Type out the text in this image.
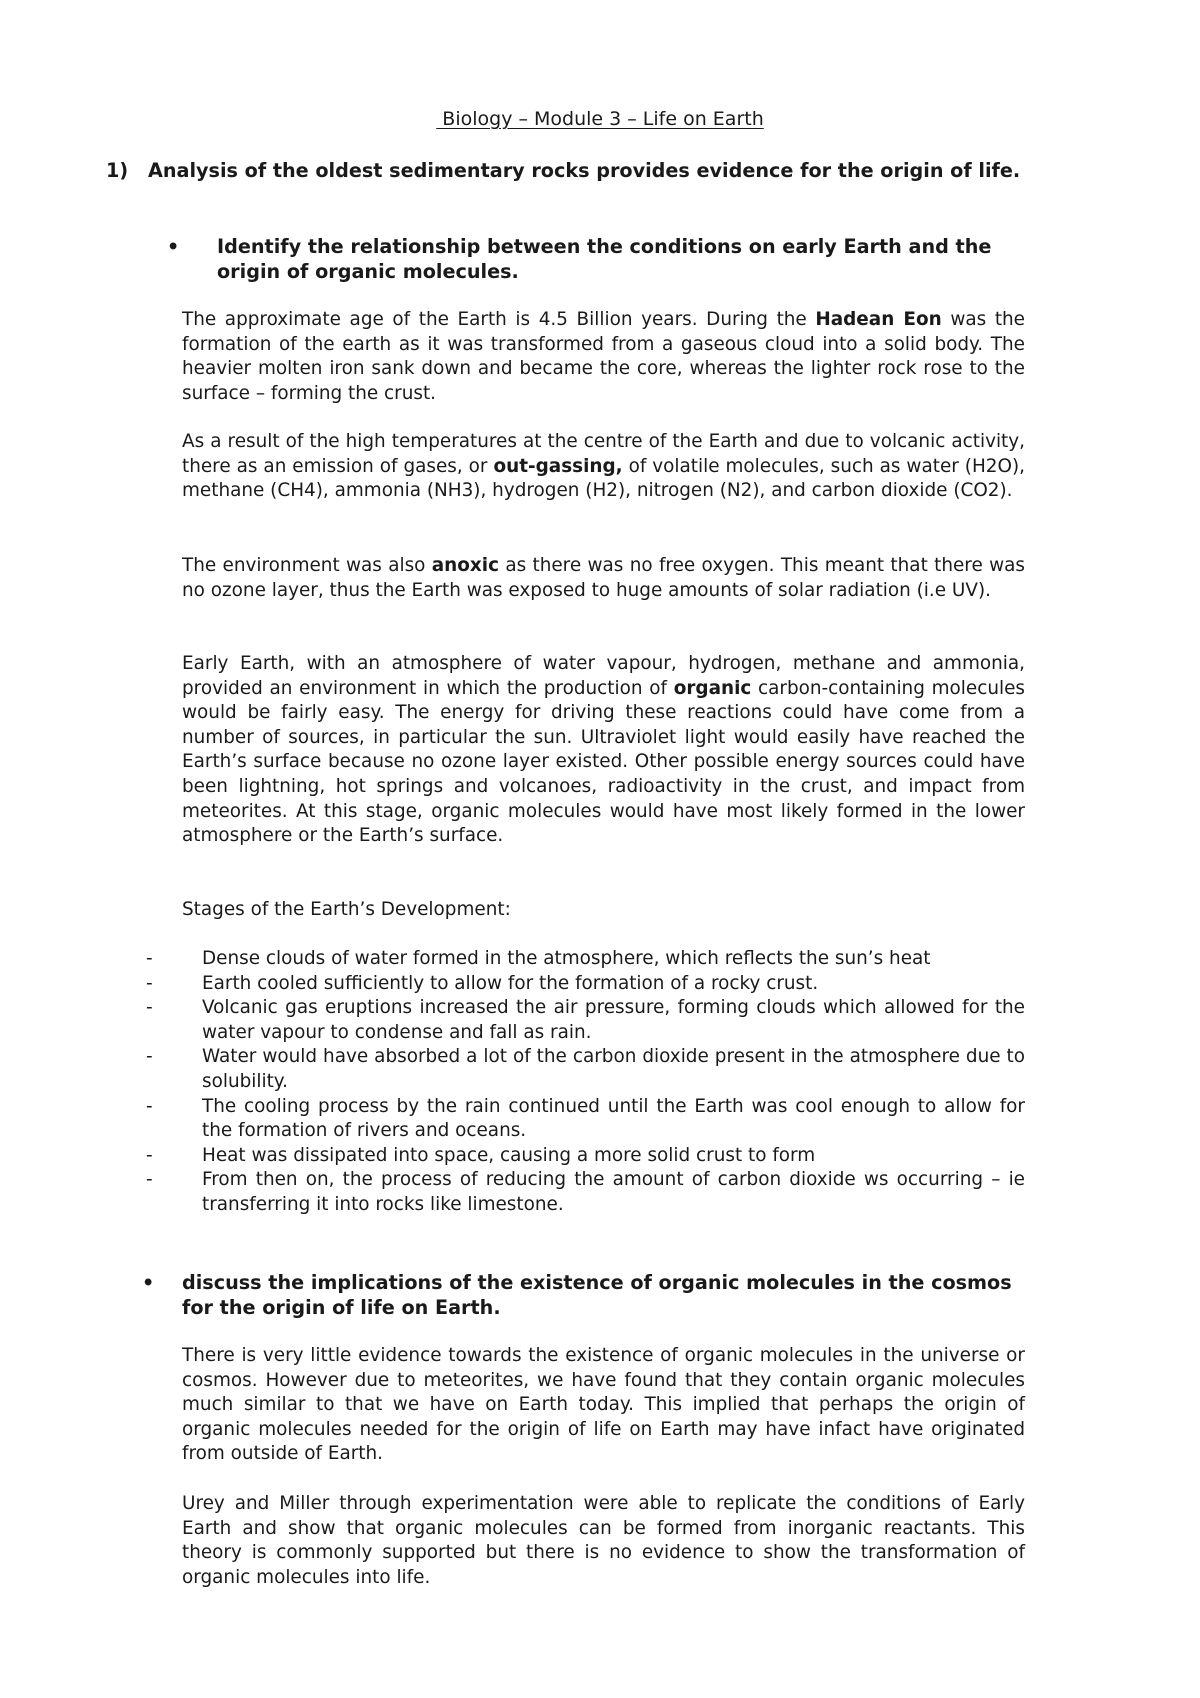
Biology – Module 3 – Life on Earth
1) Analysis of the oldest sedimentary rocks provides evidence for the origin of life.
• Identify the relationship between the conditions on early Earth and the origin of organic molecules.
The approximate age of the Earth is 4.5 Billion years. During the Hadean Eon was the formation of the earth as it was transformed from a gaseous cloud into a solid body. The heavier molten iron sank down and became the core, whereas the lighter rock rose to the surface – forming the crust.
As a result of the high temperatures at the centre of the Earth and due to volcanic activity, there as an emission of gases, or out-gassing, of volatile molecules, such as water (H2O), methane (CH4), ammonia (NH3), hydrogen (H2), nitrogen (N2), and carbon dioxide (CO2).
The environment was also anoxic as there was no free oxygen. This meant that there was no ozone layer, thus the Earth was exposed to huge amounts of solar radiation (i.e UV).
Early Earth, with an atmosphere of water vapour, hydrogen, methane and ammonia, provided an environment in which the production of organic carbon-containing molecules would be fairly easy. The energy for driving these reactions could have come from a number of sources, in particular the sun. Ultraviolet light would easily have reached the Earth’s surface because no ozone layer existed. Other possible energy sources could have been lightning, hot springs and volcanoes, radioactivity in the crust, and impact from meteorites. At this stage, organic molecules would have most likely formed in the lower atmosphere or the Earth’s surface.
Stages of the Earth’s Development:
-	Dense clouds of water formed in the atmosphere, which reflects the sun’s heat
-	Earth cooled sufficiently to allow for the formation of a rocky crust.
-	Volcanic gas eruptions increased the air pressure, forming clouds which allowed for the water vapour to condense and fall as rain.
-	Water would have absorbed a lot of the carbon dioxide present in the atmosphere due to solubility.
-	The cooling process by the rain continued until the Earth was cool enough to allow for the formation of rivers and oceans.
-	Heat was dissipated into space, causing a more solid crust to form
-	From then on, the process of reducing the amount of carbon dioxide ws occurring – ie transferring it into rocks like limestone.
• discuss the implications of the existence of organic molecules in the cosmos for the origin of life on Earth.
There is very little evidence towards the existence of organic molecules in the universe or cosmos. However due to meteorites, we have found that they contain organic molecules much similar to that we have on Earth today. This implied that perhaps the origin of organic molecules needed for the origin of life on Earth may have infact have originated from outside of Earth.
Urey and Miller through experimentation were able to replicate the conditions of Early Earth and show that organic molecules can be formed from inorganic reactants. This theory is commonly supported but there is no evidence to show the transformation of organic molecules into life.
